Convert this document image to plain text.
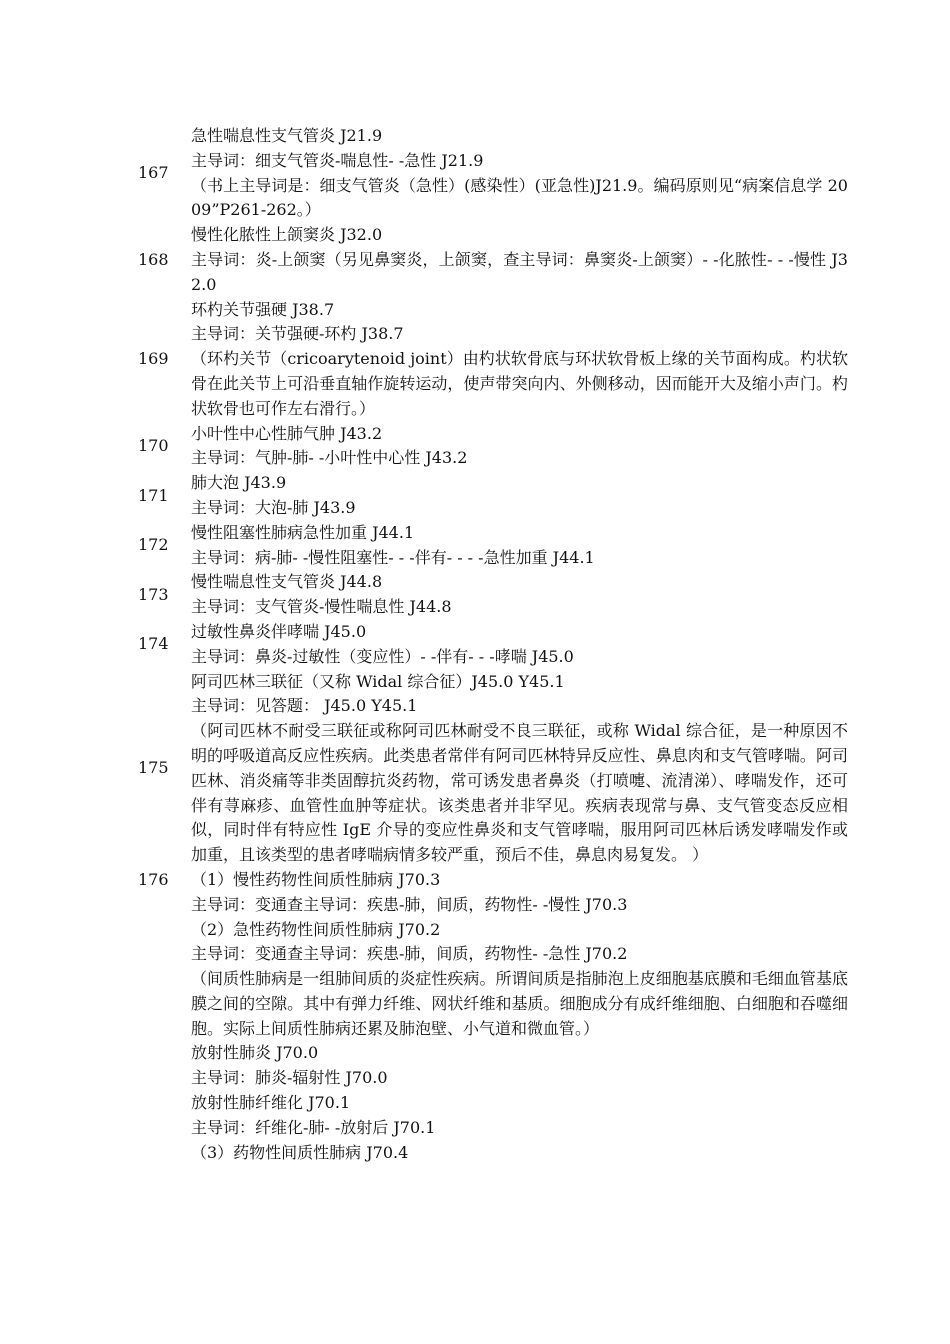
167
急性喘息性支气管炎 J21.9
主导词：细支气管炎-喘息性- -急性 J21.9
（书上主导词是：细支气管炎（急性）(感染性）(亚急性)J21.9。编码原则见“病案信息学 2009”P261-262。）
168
慢性化脓性上颌窦炎 J32.0
主导词：炎-上颌窦（另见鼻窦炎，上颌窦，查主导词：鼻窦炎-上颌窦）- -化脓性- - -慢性 J32.0
169
环杓关节强硬 J38.7
主导词：关节强硬-环杓 J38.7
（环杓关节（cricoarytenoid joint）由杓状软骨底与环状软骨板上缘的关节面构成。杓状软骨在此关节上可沿垂直轴作旋转运动，使声带突向内、外侧移动，因而能开大及缩小声门。杓状软骨也可作左右滑行。）
170
小叶性中心性肺气肿 J43.2
主导词：气肿-肺- -小叶性中心性 J43.2
171
肺大泡 J43.9
主导词：大泡-肺 J43.9
172
慢性阻塞性肺病急性加重 J44.1
主导词：病-肺- -慢性阻塞性- - -伴有- - - -急性加重 J44.1
173
慢性喘息性支气管炎 J44.8
主导词：支气管炎-慢性喘息性 J44.8
174
过敏性鼻炎伴哮喘 J45.0
主导词：鼻炎-过敏性（变应性）- -伴有- - -哮喘 J45.0
175
阿司匹林三联征（又称 Widal 综合征）J45.0 Y45.1
主导词：见答题： J45.0 Y45.1
（阿司匹林不耐受三联征或称阿司匹林耐受不良三联征，或称 Widal 综合征，是一种原因不明的呼吸道高反应性疾病。此类患者常伴有阿司匹林特异反应性、鼻息肉和支气管哮喘。阿司匹林、消炎痛等非类固醇抗炎药物，常可诱发患者鼻炎（打喷嚏、流清涕）、哮喘发作，还可伴有荨麻疹、血管性血肿等症状。该类患者并非罕见。疾病表现常与鼻、支气管变态反应相似，同时伴有特应性 IgE 介导的变应性鼻炎和支气管哮喘，服用阿司匹林后诱发哮喘发作或加重，且该类型的患者哮喘病情多较严重，预后不佳，鼻息肉易复发。 ）
176	（1）慢性药物性间质性肺病 J70.3
主导词：变通查主导词：疾患-肺，间质，药物性- -慢性 J70.3
（2）急性药物性间质性肺病 J70.2
主导词：变通查主导词：疾患-肺，间质，药物性- -急性 J70.2
（间质性肺病是一组肺间质的炎症性疾病。所谓间质是指肺泡上皮细胞基底膜和毛细血管基底膜之间的空隙。其中有弹力纤维、网状纤维和基质。细胞成分有成纤维细胞、白细胞和吞噬细胞。实际上间质性肺病还累及肺泡壁、小气道和微血管。）
放射性肺炎 J70.0
主导词：肺炎-辐射性 J70.0
放射性肺纤维化 J70.1
主导词：纤维化-肺- -放射后 J70.1
（3）药物性间质性肺病 J70.4
